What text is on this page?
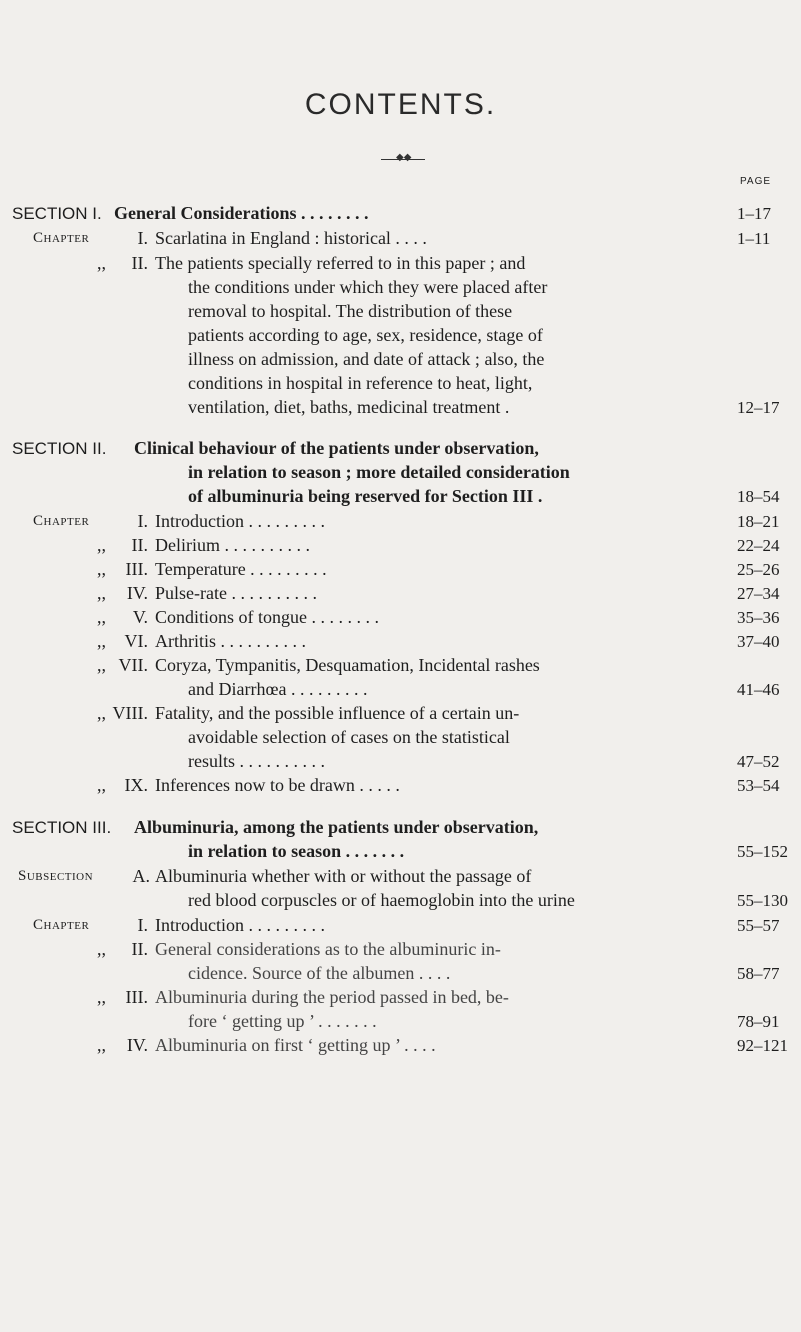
CONTENTS.
◆◆
PAGE
SECTION I. General Considerations . . . . . . . .	1–17
Chapter	I. Scarlatina in England : historical . . . .	1–11
,, II. The patients specially referred to in this paper ; and
the conditions under which they were placed after
removal to hospital. The distribution of these
patients according to age, sex, residence, stage of
illness on admission, and date of attack ; also, the
conditions in hospital in reference to heat, light,
ventilation, diet, baths, medicinal treatment .	12–17
SECTION II. Clinical behaviour of the patients under observation,
in relation to season ; more detailed consideration
of albuminuria being reserved for Section III .	18–54
Chapter	I. Introduction . . . . . . . . .	18–21
,, II. Delirium . . . . . . . . . .	22–24
,, III. Temperature . . . . . . . . .	25–26
,, IV. Pulse-rate . . . . . . . . . .	27–34
,, V. Conditions of tongue . . . . . . . .	35–36
,, VI. Arthritis . . . . . . . . . .	37–40
,, VII. Coryza, Tympanitis, Desquamation, Incidental rashes
and Diarrhœa . . . . . . . . .	41–46
,, VIII. Fatality, and the possible influence of a certain un-
avoidable selection of cases on the statistical
results . . . . . . . . . .	47–52
,, IX. Inferences now to be drawn . . . . .	53–54
SECTION III. Albuminuria, among the patients under observation,
in relation to season . . . . . . .	55–152
Subsection A. Albuminuria whether with or without the passage of
red blood corpuscles or of haemoglobin into the urine	55–130
Chapter	I. Introduction . . . . . . . . .	55–57
,, II. General considerations as to the albuminuric in-
cidence. Source of the albumen . . . .	58–77
,, III. Albuminuria during the period passed in bed, be-
fore ‘ getting up ’ . . . . . . .	78–91
,, IV. Albuminuria on first ‘ getting up ’ . . . .	92–121
